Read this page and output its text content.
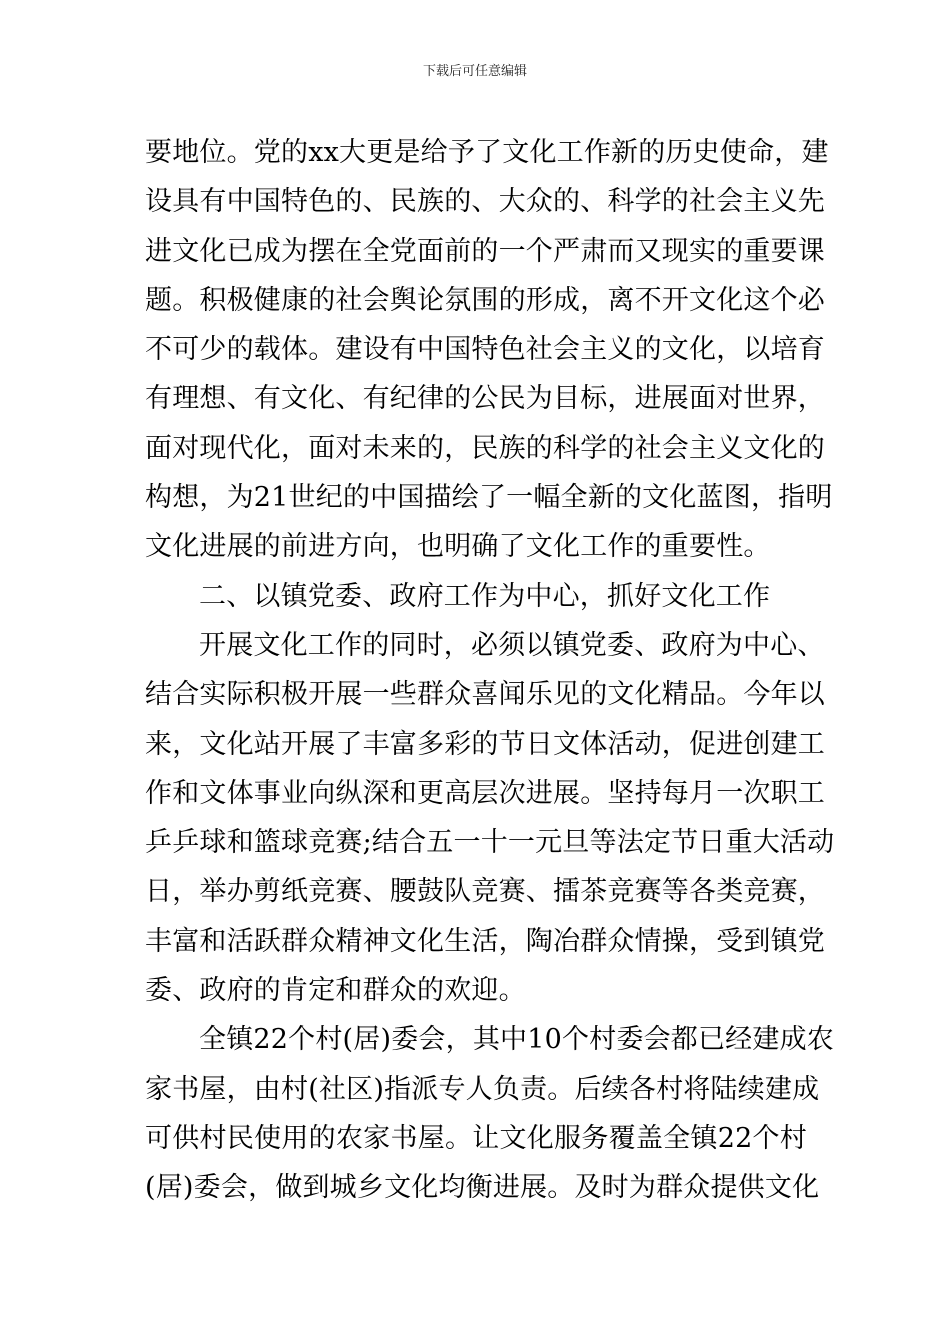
下载后可任意编辑
要地位。党的xx大更是给予了文化工作新的历史使命，建
设具有中国特色的、民族的、大众的、科学的社会主义先
进文化已成为摆在全党面前的一个严肃而又现实的重要课
题。积极健康的社会舆论氛围的形成，离不开文化这个必
不可少的载体。建设有中国特色社会主义的文化，以培育
有理想、有文化、有纪律的公民为目标，进展面对世界，
面对现代化，面对未来的，民族的科学的社会主义文化的
构想，为21世纪的中国描绘了一幅全新的文化蓝图，指明
文化进展的前进方向，也明确了文化工作的重要性。
二、以镇党委、政府工作为中心，抓好文化工作
开展文化工作的同时，必须以镇党委、政府为中心、
结合实际积极开展一些群众喜闻乐见的文化精品。今年以
来，文化站开展了丰富多彩的节日文体活动，促进创建工
作和文体事业向纵深和更高层次进展。坚持每月一次职工
乒乒球和篮球竞赛;结合五一十一元旦等法定节日重大活动
日，举办剪纸竞赛、腰鼓队竞赛、擂茶竞赛等各类竞赛，
丰富和活跃群众精神文化生活，陶冶群众情操，受到镇党
委、政府的肯定和群众的欢迎。
全镇22个村(居)委会，其中10个村委会都已经建成农
家书屋，由村(社区)指派专人负责。后续各村将陆续建成
可供村民使用的农家书屋。让文化服务覆盖全镇22个村
(居)委会，做到城乡文化均衡进展。及时为群众提供文化
